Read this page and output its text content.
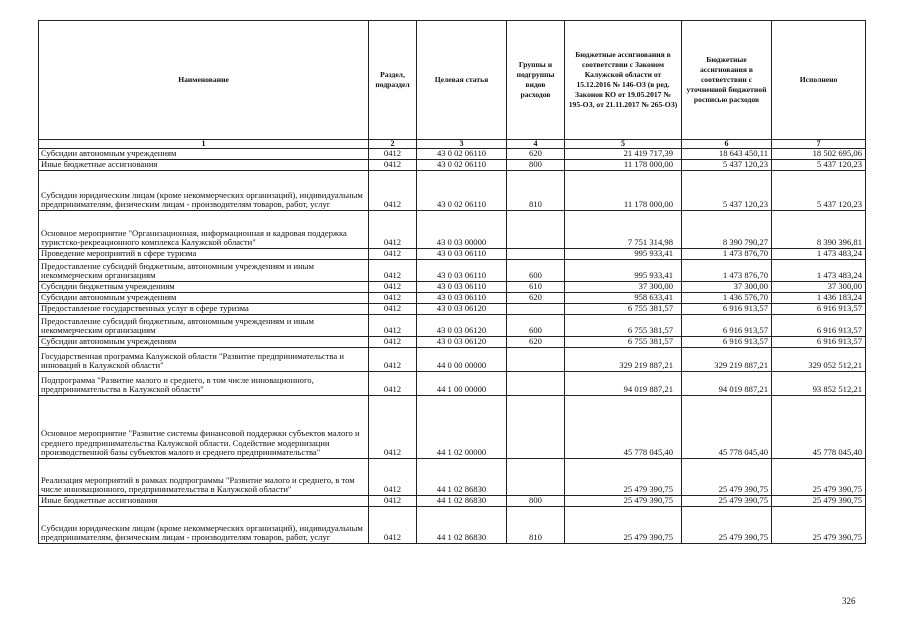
Наименование	Раздел, подраздел	Целевая статья	Группы и подгруппы видов расходов	Бюджетные ассигнования в соответствии с Законом Калужской области от 15.12.2016 № 146-ОЗ (в ред. Законов КО от 19.05.2017 № 195-ОЗ, от 21.11.2017 № 265-ОЗ)	Бюджетные ассигнования в соответствии с уточненной бюджетной росписью расходов	Исполнено
1	2	3	4	5	6	7
Субсидии автономным учреждениям	0412	43 0 02 06110	620	21 419 717,39	18 643 450,11	18 502 695,06
Иные бюджетные ассигнования	0412	43 0 02 06110	800	11 178 000,00	5 437 120,23	5 437 120,23
Субсидии юридическим лицам (кроме некоммерческих организаций), индивидуальным предпринимателям, физическим лицам - производителям товаров, работ, услуг	0412	43 0 02 06110	810	11 178 000,00	5 437 120,23	5 437 120,23
Основное мероприятие "Организационная, информационная и кадровая поддержка туристско-рекреационного комплекса Калужской области"	0412	43 0 03 00000		7 751 314,98	8 390 790,27	8 390 396,81
Проведение мероприятий в сфере туризма	0412	43 0 03 06110		995 933,41	1 473 876,70	1 473 483,24
Предоставление субсидий бюджетным, автономным учреждениям и иным некоммерческим организациям	0412	43 0 03 06110	600	995 933,41	1 473 876,70	1 473 483,24
Субсидии бюджетным учреждениям	0412	43 0 03 06110	610	37 300,00	37 300,00	37 300,00
Субсидии автономным учреждениям	0412	43 0 03 06110	620	958 633,41	1 436 576,70	1 436 183,24
Предоставление государственных услуг в сфере туризма	0412	43 0 03 06120		6 755 381,57	6 916 913,57	6 916 913,57
Предоставление субсидий бюджетным, автономным учреждениям и иным некоммерческим организациям	0412	43 0 03 06120	600	6 755 381,57	6 916 913,57	6 916 913,57
Субсидии автономным учреждениям	0412	43 0 03 06120	620	6 755 381,57	6 916 913,57	6 916 913,57
Государственная программа Калужской области "Развитие предпринимательства и инноваций в Калужской области"	0412	44 0 00 00000		329 219 887,21	329 219 887,21	329 052 512,21
Подпрограмма "Развитие малого и среднего, в том числе инновационного, предпринимательства в Калужской области"	0412	44 1 00 00000		94 019 887,21	94 019 887,21	93 852 512,21
Основное мероприятие "Развитие системы финансовой поддержки субъектов малого и среднего предпринимательства Калужской области. Содействие модернизации производственной базы субъектов малого и среднего предпринимательства"	0412	44 1 02 00000		45 778 045,40	45 778 045,40	45 778 045,40
Реализация мероприятий в рамках подпрограммы "Развитие малого и среднего, в том числе инновационного, предпринимательства в Калужской области"	0412	44 1 02 86830		25 479 390,75	25 479 390,75	25 479 390,75
Иные бюджетные ассигнования	0412	44 1 02 86830	800	25 479 390,75	25 479 390,75	25 479 390,75
Субсидии юридическим лицам (кроме некоммерческих организаций), индивидуальным предпринимателям, физическим лицам - производителям товаров, работ, услуг	0412	44 1 02 86830	810	25 479 390,75	25 479 390,75	25 479 390,75
326
